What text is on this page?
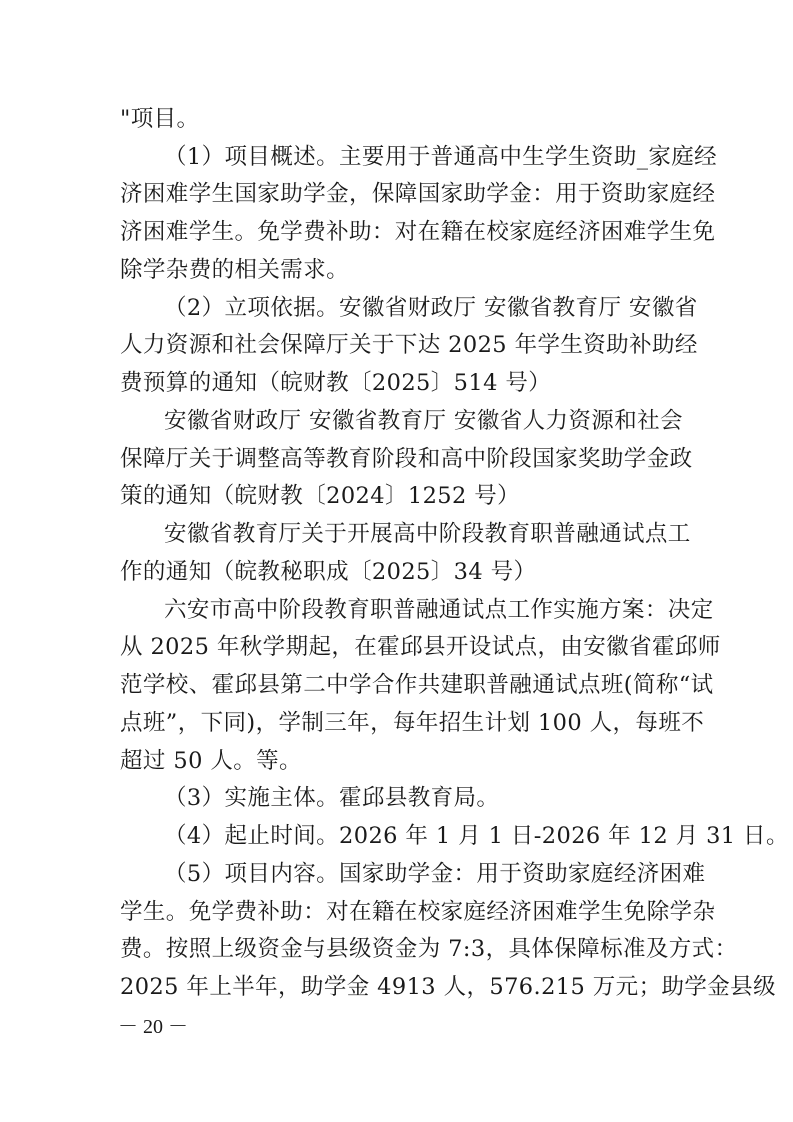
"项目。
（1）项目概述。主要用于普通高中生学生资助_家庭经
济困难学生国家助学金，保障国家助学金：用于资助家庭经
济困难学生。免学费补助：对在籍在校家庭经济困难学生免
除学杂费的相关需求。
（2）立项依据。安徽省财政厅 安徽省教育厅 安徽省
人力资源和社会保障厅关于下达 2025 年学生资助补助经
费预算的通知（皖财教〔2025〕514 号）
安徽省财政厅 安徽省教育厅 安徽省人力资源和社会
保障厅关于调整高等教育阶段和高中阶段国家奖助学金政
策的通知（皖财教〔2024〕1252 号）
安徽省教育厅关于开展高中阶段教育职普融通试点工
作的通知（皖教秘职成〔2025〕34 号）
六安市高中阶段教育职普融通试点工作实施方案：决定
从 2025 年秋学期起，在霍邱县开设试点，由安徽省霍邱师
范学校、霍邱县第二中学合作共建职普融通试点班(简称“试
点班”，下同)，学制三年，每年招生计划 100 人，每班不
超过 50 人。等。
（3）实施主体。霍邱县教育局。
（4）起止时间。2026 年 1 月 1 日-2026 年 12 月 31 日。
（5）项目内容。国家助学金：用于资助家庭经济困难
学生。免学费补助：对在籍在校家庭经济困难学生免除学杂
费。按照上级资金与县级资金为 7:3，具体保障标准及方式：
2025 年上半年，助学金 4913 人，576.215 万元；助学金县级
－ 20 －
